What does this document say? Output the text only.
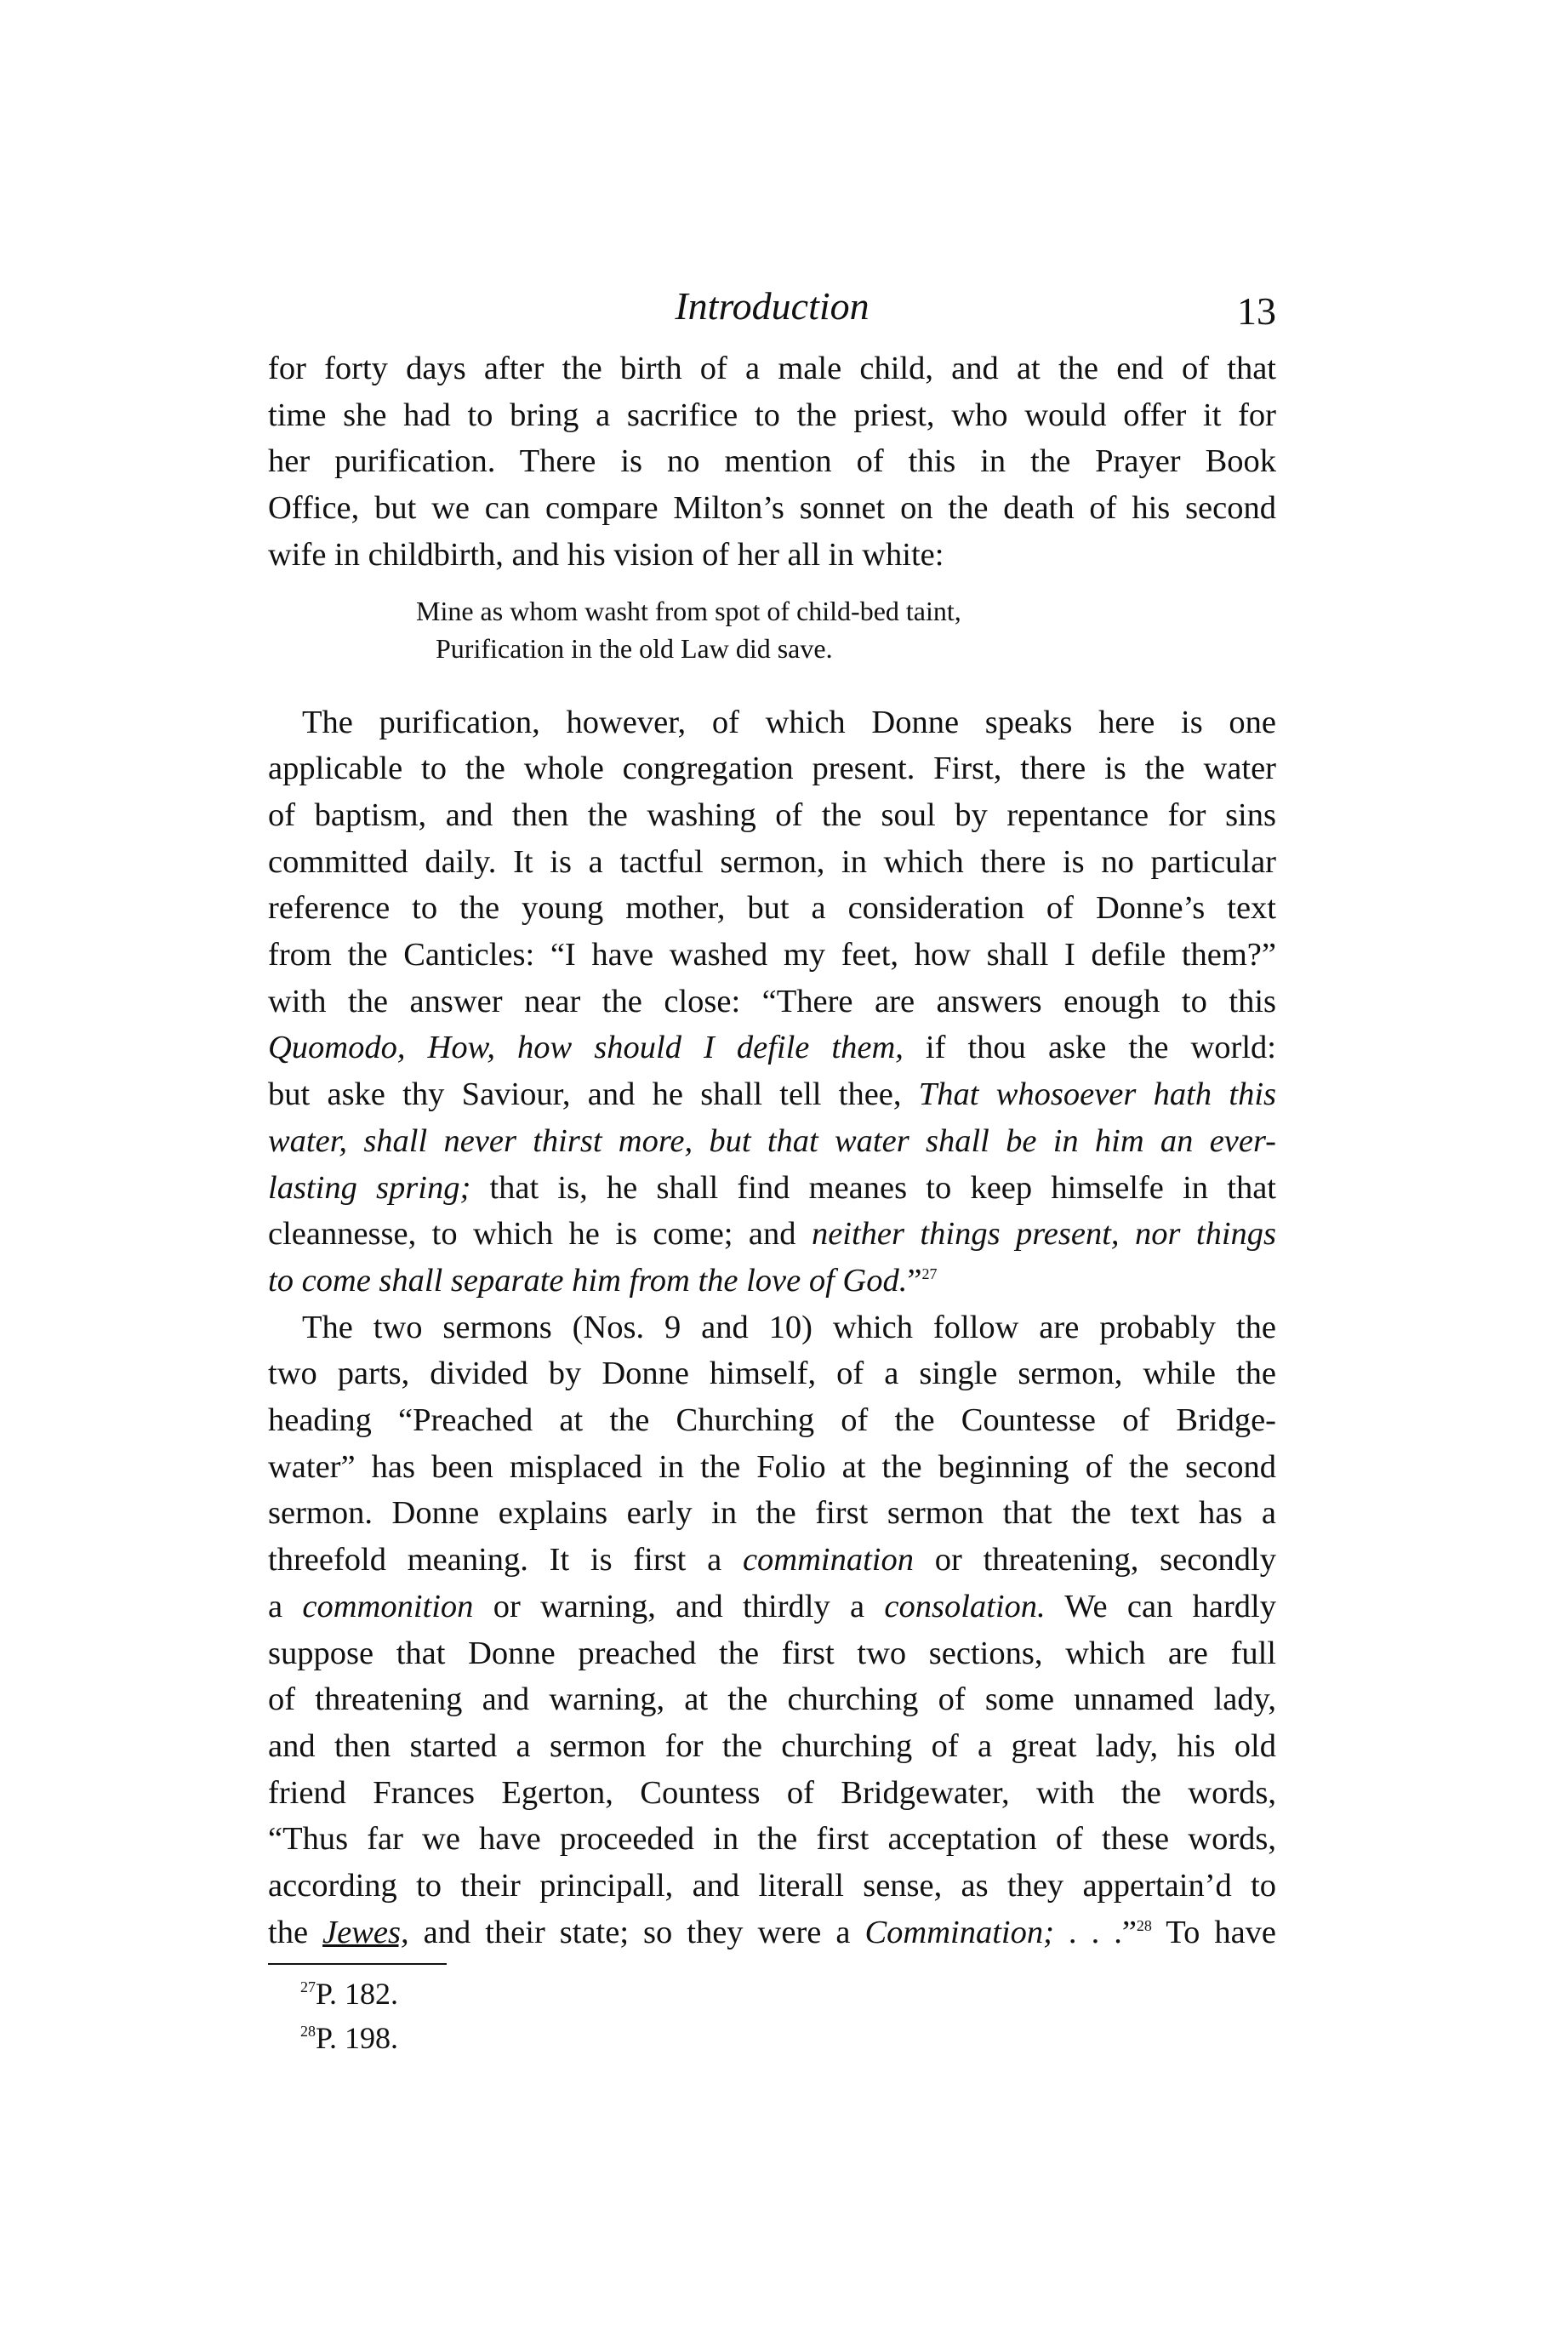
Introduction	13

for forty days after the birth of a male child, and at the end of that
time she had to bring a sacrifice to the priest, who would offer it for
her purification. There is no mention of this in the Prayer Book
Office, but we can compare Milton’s sonnet on the death of his second
wife in childbirth, and his vision of her all in white:

Mine as whom washt from spot of child-bed taint,
Purification in the old Law did save.

The purification, however, of which Donne speaks here is one
applicable to the whole congregation present. First, there is the water
of baptism, and then the washing of the soul by repentance for sins
committed daily. It is a tactful sermon, in which there is no particular
reference to the young mother, but a consideration of Donne’s text
from the Canticles: “I have washed my feet, how shall I defile them?”
with the answer near the close: “There are answers enough to this
Quomodo, How, how should I defile them, if thou aske the world:
but aske thy Saviour, and he shall tell thee, That whosoever hath this
water, shall never thirst more, but that water shall be in him an ever-
lasting spring; that is, he shall find meanes to keep himselfe in that
cleannesse, to which he is come; and neither things present, nor things
to come shall separate him from the love of God.”$^{27}$

The two sermons (Nos. 9 and 10) which follow are probably the
two parts, divided by Donne himself, of a single sermon, while the
heading “Preached at the Churching of the Countesse of Bridge-
water” has been misplaced in the Folio at the beginning of the second
sermon. Donne explains early in the first sermon that the text has a
threefold meaning. It is first a commination or threatening, secondly
a commonition or warning, and thirdly a consolation. We can hardly
suppose that Donne preached the first two sections, which are full
of threatening and warning, at the churching of some unnamed lady,
and then started a sermon for the churching of a great lady, his old
friend Frances Egerton, Countess of Bridgewater, with the words,
“Thus far we have proceeded in the first acceptation of these words,
according to their principall, and literall sense, as they appertain’d to
the Jewes, and their state; so they were a Commination; . . .”$^{28}$ To have

$^{27}$P. 182.
$^{28}$P. 198.
